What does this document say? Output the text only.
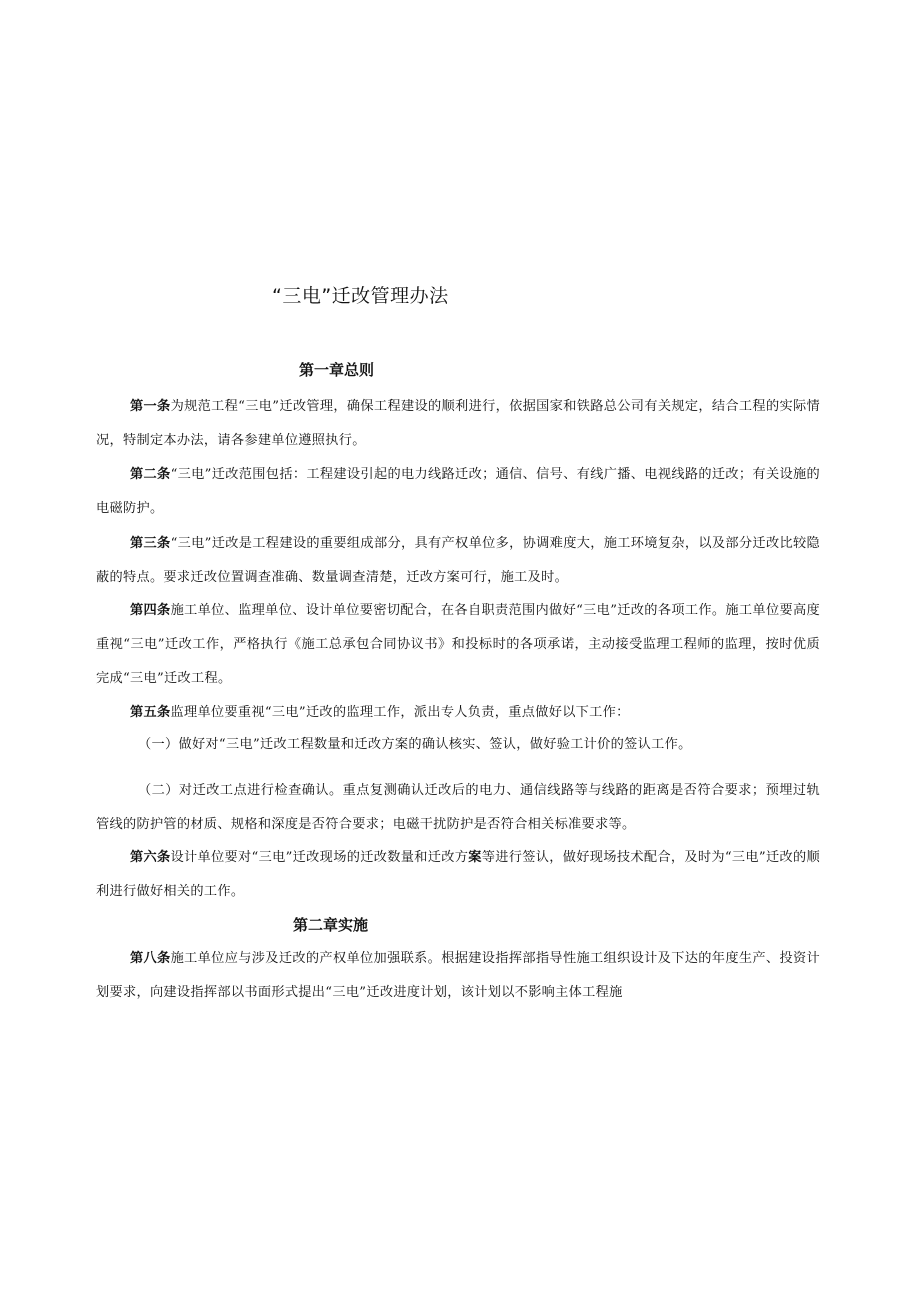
“三电”迁改管理办法
第一章总则
第一条为规范工程“三电”迁改管理，确保工程建设的顺利进行，依据国家和铁路总公司有关规定，结合工程的实际情况，特制定本办法，请各参建单位遵照执行。
第二条“三电”迁改范围包括：工程建设引起的电力线路迁改；通信、信号、有线广播、电视线路的迁改；有关设施的电磁防护。
第三条“三电”迁改是工程建设的重要组成部分，具有产权单位多，协调难度大，施工环境复杂，以及部分迁改比较隐蔽的特点。要求迁改位置调查准确、数量调查清楚，迁改方案可行，施工及时。
第四条施工单位、监理单位、设计单位要密切配合，在各自职责范围内做好“三电”迁改的各项工作。施工单位要高度重视“三电”迁改工作，严格执行《施工总承包合同协议书》和投标时的各项承诺，主动接受监理工程师的监理，按时优质完成“三电”迁改工程。
第五条监理单位要重视“三电”迁改的监理工作，派出专人负责，重点做好以下工作：
（一）做好对“三电”迁改工程数量和迁改方案的确认核实、签认，做好验工计价的签认工作。
（二）对迁改工点进行检查确认。重点复测确认迁改后的电力、通信线路等与线路的距离是否符合要求；预埋过轨管线的防护管的材质、规格和深度是否符合要求；电磁干扰防护是否符合相关标准要求等。
第六条设计单位要对“三电”迁改现场的迁改数量和迁改方案等进行签认，做好现场技术配合，及时为“三电”迁改的顺利进行做好相关的工作。
第二章实施
第八条施工单位应与涉及迁改的产权单位加强联系。根据建设指挥部指导性施工组织设计及下达的年度生产、投资计划要求，向建设指挥部以书面形式提出“三电”迁改进度计划，该计划以不影响主体工程施
